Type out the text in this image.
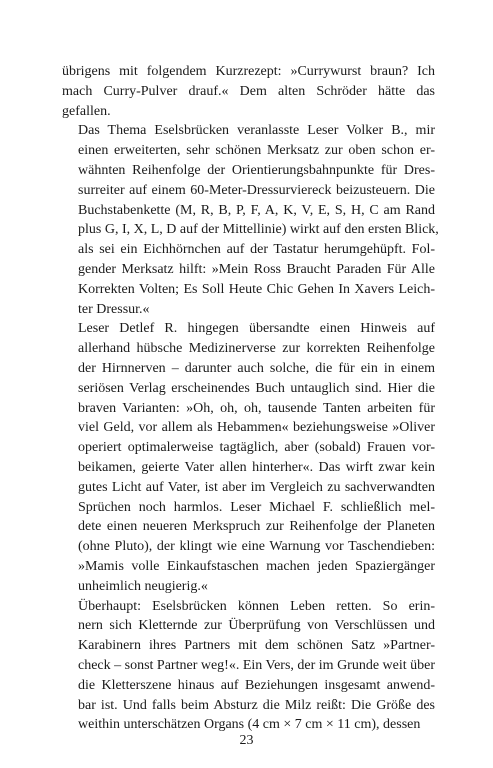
übrigens mit folgendem Kurzrezept: »Currywurst braun? Ich
mach Curry-Pulver drauf.« Dem alten Schröder hätte das
gefallen.

Das Thema Eselsbrücken veranlasste Leser Volker B., mir
einen erweiterten, sehr schönen Merksatz zur oben schon er-
wähnten Reihenfolge der Orientierungsbahnpunkte für Dres-
surreiter auf einem 60-Meter-Dressurviereck beizusteuern. Die
Buchstabenkette (M, R, B, P, F, A, K, V, E, S, H, C am Rand
plus G, I, X, L, D auf der Mittellinie) wirkt auf den ersten Blick,
als sei ein Eichhörnchen auf der Tastatur herumgehüpft. Fol-
gender Merksatz hilft: »Mein Ross Braucht Paraden Für Alle
Korrekten Volten; Es Soll Heute Chic Gehen In Xavers Leich-
ter Dressur.«

Leser Detlef R. hingegen übersandte einen Hinweis auf
allerhand hübsche Medizinerverse zur korrekten Reihenfolge
der Hirnnerven – darunter auch solche, die für ein in einem
seriösen Verlag erscheinendes Buch untauglich sind. Hier die
braven Varianten: »Oh, oh, oh, tausende Tanten arbeiten für
viel Geld, vor allem als Hebammen« beziehungsweise »Oliver
operiert optimalerweise tagtäglich, aber (sobald) Frauen vor-
beikamen, geierte Vater allen hinterher«. Das wirft zwar kein
gutes Licht auf Vater, ist aber im Vergleich zu sachverwandten
Sprüchen noch harmlos. Leser Michael F. schließlich mel-
dete einen neueren Merkspruch zur Reihenfolge der Planeten
(ohne Pluto), der klingt wie eine Warnung vor Taschendieben:
»Mamis volle Einkaufstaschen machen jeden Spaziergänger
unheimlich neugierig.«

Überhaupt: Eselsbrücken können Leben retten. So erin-
nern sich Kletternde zur Überprüfung von Verschlüssen und
Karabinern ihres Partners mit dem schönen Satz »Partner-
check – sonst Partner weg!«. Ein Vers, der im Grunde weit über
die Kletterszene hinaus auf Beziehungen insgesamt anwend-
bar ist. Und falls beim Absturz die Milz reißt: Die Größe des
weithin unterschätzen Organs (4 cm × 7 cm × 11 cm), dessen

23
